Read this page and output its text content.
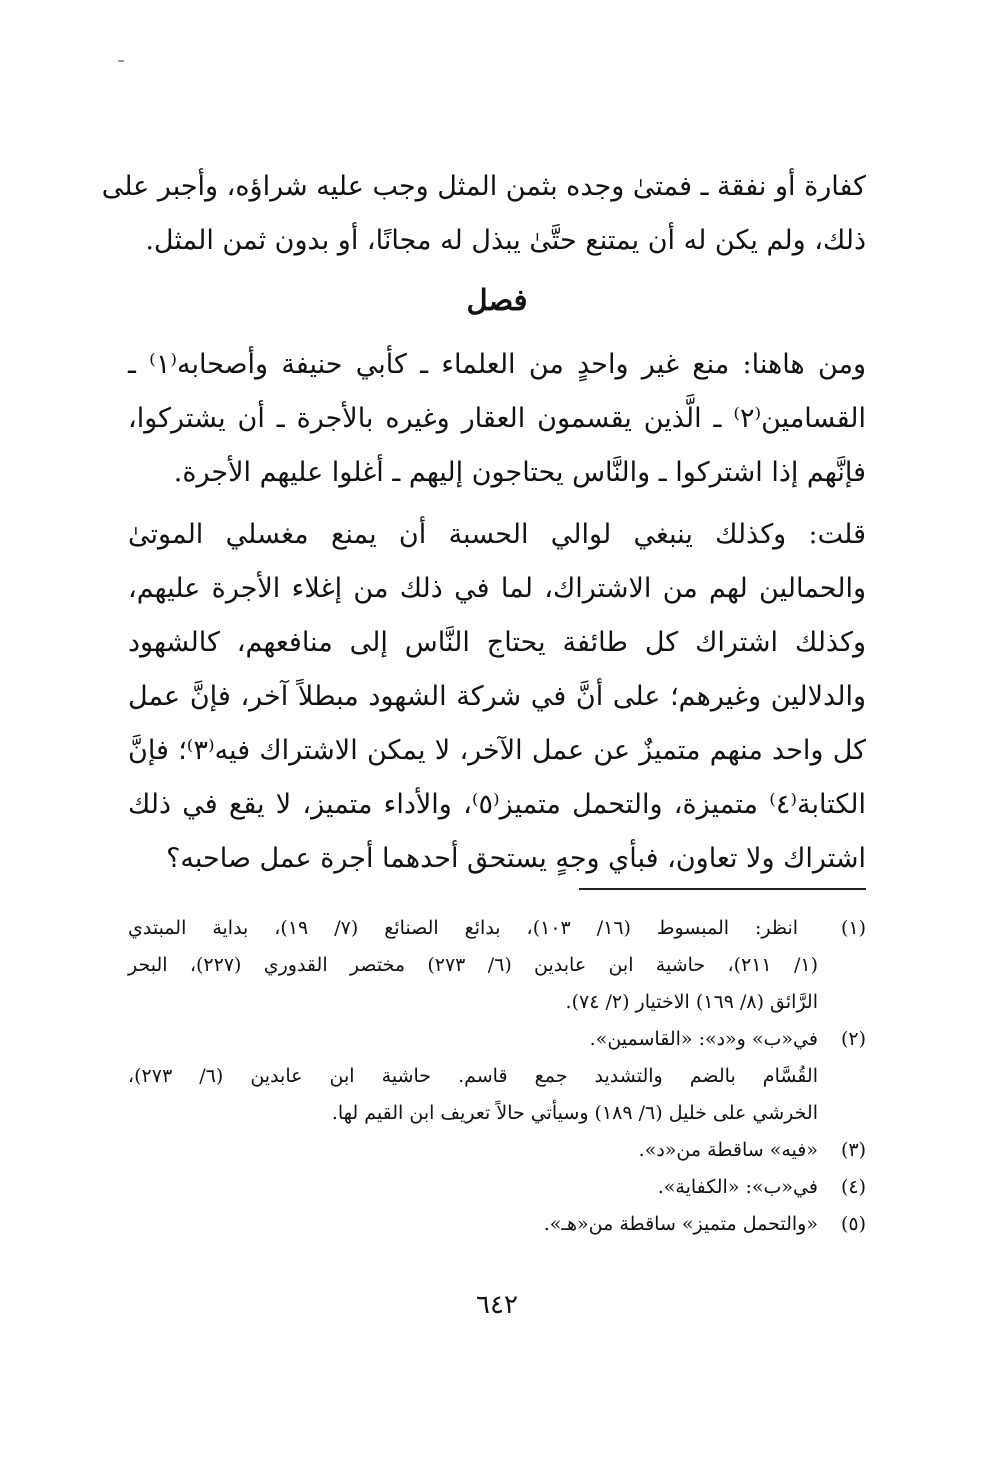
كفارة أو نفقة ـ فمتىٰ وجده بثمن المثل وجب عليه شراؤه، وأجبر على
ذلك، ولم يكن له أن يمتنع حتَّىٰ يبذل له مجانًا، أو بدون ثمن المثل.
فصل
ومن هاهنا: منع غير واحدٍ من العلماء ـ كأبي حنيفة وأصحابه⁽١⁾ ـ
القسامين⁽٢⁾ ـ الَّذين يقسمون العقار وغيره بالأجرة ـ أن يشتركوا،
فإنَّهم إذا اشتركوا ـ والنَّاس يحتاجون إليهم ـ أغلوا عليهم الأجرة.
قلت: وكذلك ينبغي لوالي الحسبة أن يمنع مغسلي الموتىٰ
والحمالين لهم من الاشتراك، لما في ذلك من إغلاء الأجرة عليهم،
وكذلك اشتراك كل طائفة يحتاج النَّاس إلى منافعهم، كالشهود
والدلالين وغيرهم؛ على أنَّ في شركة الشهود مبطلاً آخر، فإنَّ عمل
كل واحد منهم متميزٌ عن عمل الآخر، لا يمكن الاشتراك فيه⁽٣⁾؛ فإنَّ
الكتابة⁽٤⁾ متميزة، والتحمل متميز⁽٥⁾، والأداء متميز، لا يقع في ذلك
اشتراك ولا تعاون، فبأي وجهٍ يستحق أحدهما أجرة عمل صاحبه؟
(١) انظر: المبسوط (١٦/ ١٠٣)، بدائع الصنائع (٧/ ١٩)، بداية المبتدي
(١/ ٢١١)، حاشية ابن عابدين (٦/ ٢٧٣) مختصر القدوري (٢٢٧)، البحر
الرَّائق (٨/ ١٦٩) الاختيار (٢/ ٧٤).
(٢) في«ب» و«د»: «القاسمين».
القُسَّام بالضم والتشديد جمع قاسم. حاشية ابن عابدين (٦/ ٢٧٣)،
الخرشي على خليل (٦/ ١٨٩) وسيأتي حالاً تعريف ابن القيم لها.
(٣) «فيه» ساقطة من«د».
(٤) في«ب»: «الكفاية».
(٥) «والتحمل متميز» ساقطة من«هـ».
٦٤٢
